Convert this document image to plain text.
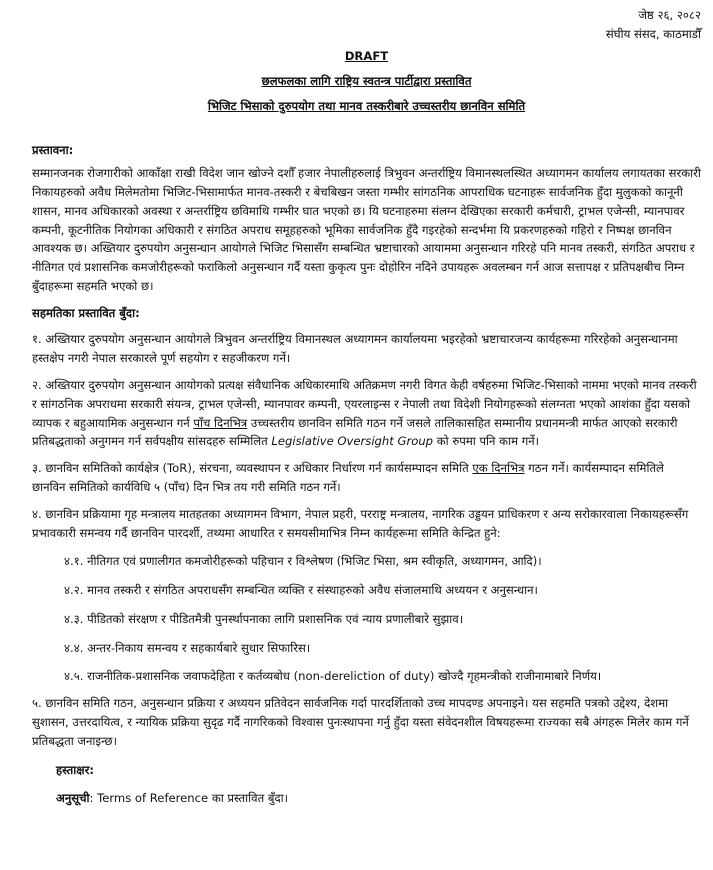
जेष्ठ २६, २०८२
संघीय संसद, काठमाडौँ
DRAFT
छलफलका लागि राष्ट्रिय स्वतन्त्र पार्टीद्वारा प्रस्तावित
भिजिट भिसाको दुरुपयोग तथा मानव तस्करीबारे उच्चस्तरीय छानविन समिति
प्रस्तावना:

सम्मानजनक रोजगारीको आकाँक्षा राखी विदेश जान खोज्ने दशौँ हजार नेपालीहरुलाई त्रिभुवन अन्तर्राष्ट्रिय विमानस्थलस्थित अध्यागमन कार्यालय लगायतका सरकारी निकायहरुको अवैध मिलेमतोमा भिजिट-भिसामार्फत मानव-तस्करी र बेचबिखन जस्ता गम्भीर सांगठनिक आपराधिक घटनाहरू सार्वजनिक हुँदा मुलुकको कानूनी शासन, मानव अधिकारको अवस्था र अन्तर्राष्ट्रिय छविमाथि गम्भीर घात भएको छ। यि घटनाहरुमा संलग्न देखिएका सरकारी कर्मचारी, ट्राभल एजेन्सी, म्यानपावर कम्पनी, कूटनीतिक नियोगका अधिकारी र संगठित अपराध समूहहरुको भूमिका सार्वजनिक हुँदै गइरहेको सन्दर्भमा यि प्रकरणहरुको गहिरो र निष्पक्ष छानविन आवश्यक छ। अख्तियार दुरुपयोग अनुसन्धान आयोगले भिजिट भिसासँग सम्बन्धित भ्रष्टाचारको आयाममा अनुसन्धान गरिरहे पनि मानव तस्करी, संगठित अपराध र नीतिगत एवं प्रशासनिक कमजोरीहरूको फराकिलो अनुसन्धान गर्दै यस्ता कुकृत्य पुनः दोहोरिन नदिने उपायहरू अवलम्बन गर्न आज सत्तापक्ष र प्रतिपक्षबीच निम्न बुँदाहरूमा सहमति भएको छ।

सहमतिका प्रस्तावित बुँदा:

१. अख्तियार दुरुपयोग अनुसन्धान आयोगले त्रिभुवन अन्तर्राष्ट्रिय विमानस्थल अध्यागमन कार्यालयमा भइरहेको भ्रष्टाचारजन्य कार्यहरूमा गरिरहेको अनुसन्धानमा हस्तक्षेप नगरी नेपाल सरकारले पूर्ण सहयोग र सहजीकरण गर्ने।

२. अख्तियार दुरुपयोग अनुसन्धान आयोगको प्रत्यक्ष संवैधानिक अधिकारमाथि अतिक्रमण नगरी विगत केही वर्षहरुमा भिजिट-भिसाको नाममा भएको मानव तस्करी र सांगठनिक अपराधमा सरकारी संयन्त्र, ट्राभल एजेन्सी, म्यानपावर कम्पनी, एयरलाइन्स र नेपाली तथा विदेशी नियोगहरूको संलग्नता भएको आशंका हुँदा यसको व्यापक र बहुआयामिक अनुसन्धान गर्न पाँच दिनभित्र उच्चस्तरीय छानविन समिति गठन गर्ने जसले तालिकासहित सम्मानीय प्रधानमन्त्री मार्फत आएको सरकारी प्रतिबद्धताको अनुगमन गर्न सर्वपक्षीय सांसदहरु सम्मिलित Legislative Oversight Group को रुपमा पनि काम गर्ने।

३. छानविन समितिको कार्यक्षेत्र (ToR), संरचना, व्यवस्थापन र अधिकार निर्धारण गर्न कार्यसम्पादन समिति एक दिनभित्र गठन गर्ने। कार्यसम्पादन समितिले छानविन समितिको कार्यविधि ५ (पाँच) दिन भित्र तय गरी समिति गठन गर्ने।

४. छानविन प्रक्रियामा गृह मन्त्रालय मातहतका अध्यागमन विभाग, नेपाल प्रहरी, परराष्ट्र मन्त्रालय, नागरिक उड्डयन प्राधिकरण र अन्य सरोकारवाला निकायहरूसँग प्रभावकारी समन्वय गर्दै छानविन पारदर्शी, तथ्यमा आधारित र समयसीमाभित्र निम्न कार्यहरूमा समिति केन्द्रित हुने:

४.१. नीतिगत एवं प्रणालीगत कमजोरीहरूको पहिचान र विश्लेषण (भिजिट भिसा, श्रम स्वीकृति, अध्यागमन, आदि)।
४.२. मानव तस्करी र संगठित अपराधसँग सम्बन्धित व्यक्ति र संस्थाहरुको अवैध संजालमाथि अध्ययन र अनुसन्धान।
४.३. पीडितको संरक्षण र पीडितमैत्री पुनर्स्थापनाका लागि प्रशासनिक एवं न्याय प्रणालीबारे सुझाव।
४.४. अन्तर-निकाय समन्वय र सहकार्यबारे सुधार सिफारिस।
४.५. राजनीतिक-प्रशासनिक जवाफदेहिता र कर्तव्यबोध (non-dereliction of duty) खोज्दै गृहमन्त्रीको राजीनामाबारे निर्णय।

५. छानविन समिति गठन, अनुसन्धान प्रक्रिया र अध्ययन प्रतिवेदन सार्वजनिक गर्दा पारदर्शिताको उच्च मापदण्ड अपनाइने। यस सहमति पत्रको उद्देश्य, देशमा सुशासन, उत्तरदायित्व, र न्यायिक प्रक्रिया सुदृढ गर्दै नागरिकको विश्वास पुनःस्थापना गर्नु हुँदा यस्ता संवेदनशील विषयहरूमा राज्यका सबै अंगहरू मिलेर काम गर्ने प्रतिबद्धता जनाइन्छ।

हस्ताक्षर:
अनुसूची: Terms of Reference का प्रस्तावित बुँदा।
